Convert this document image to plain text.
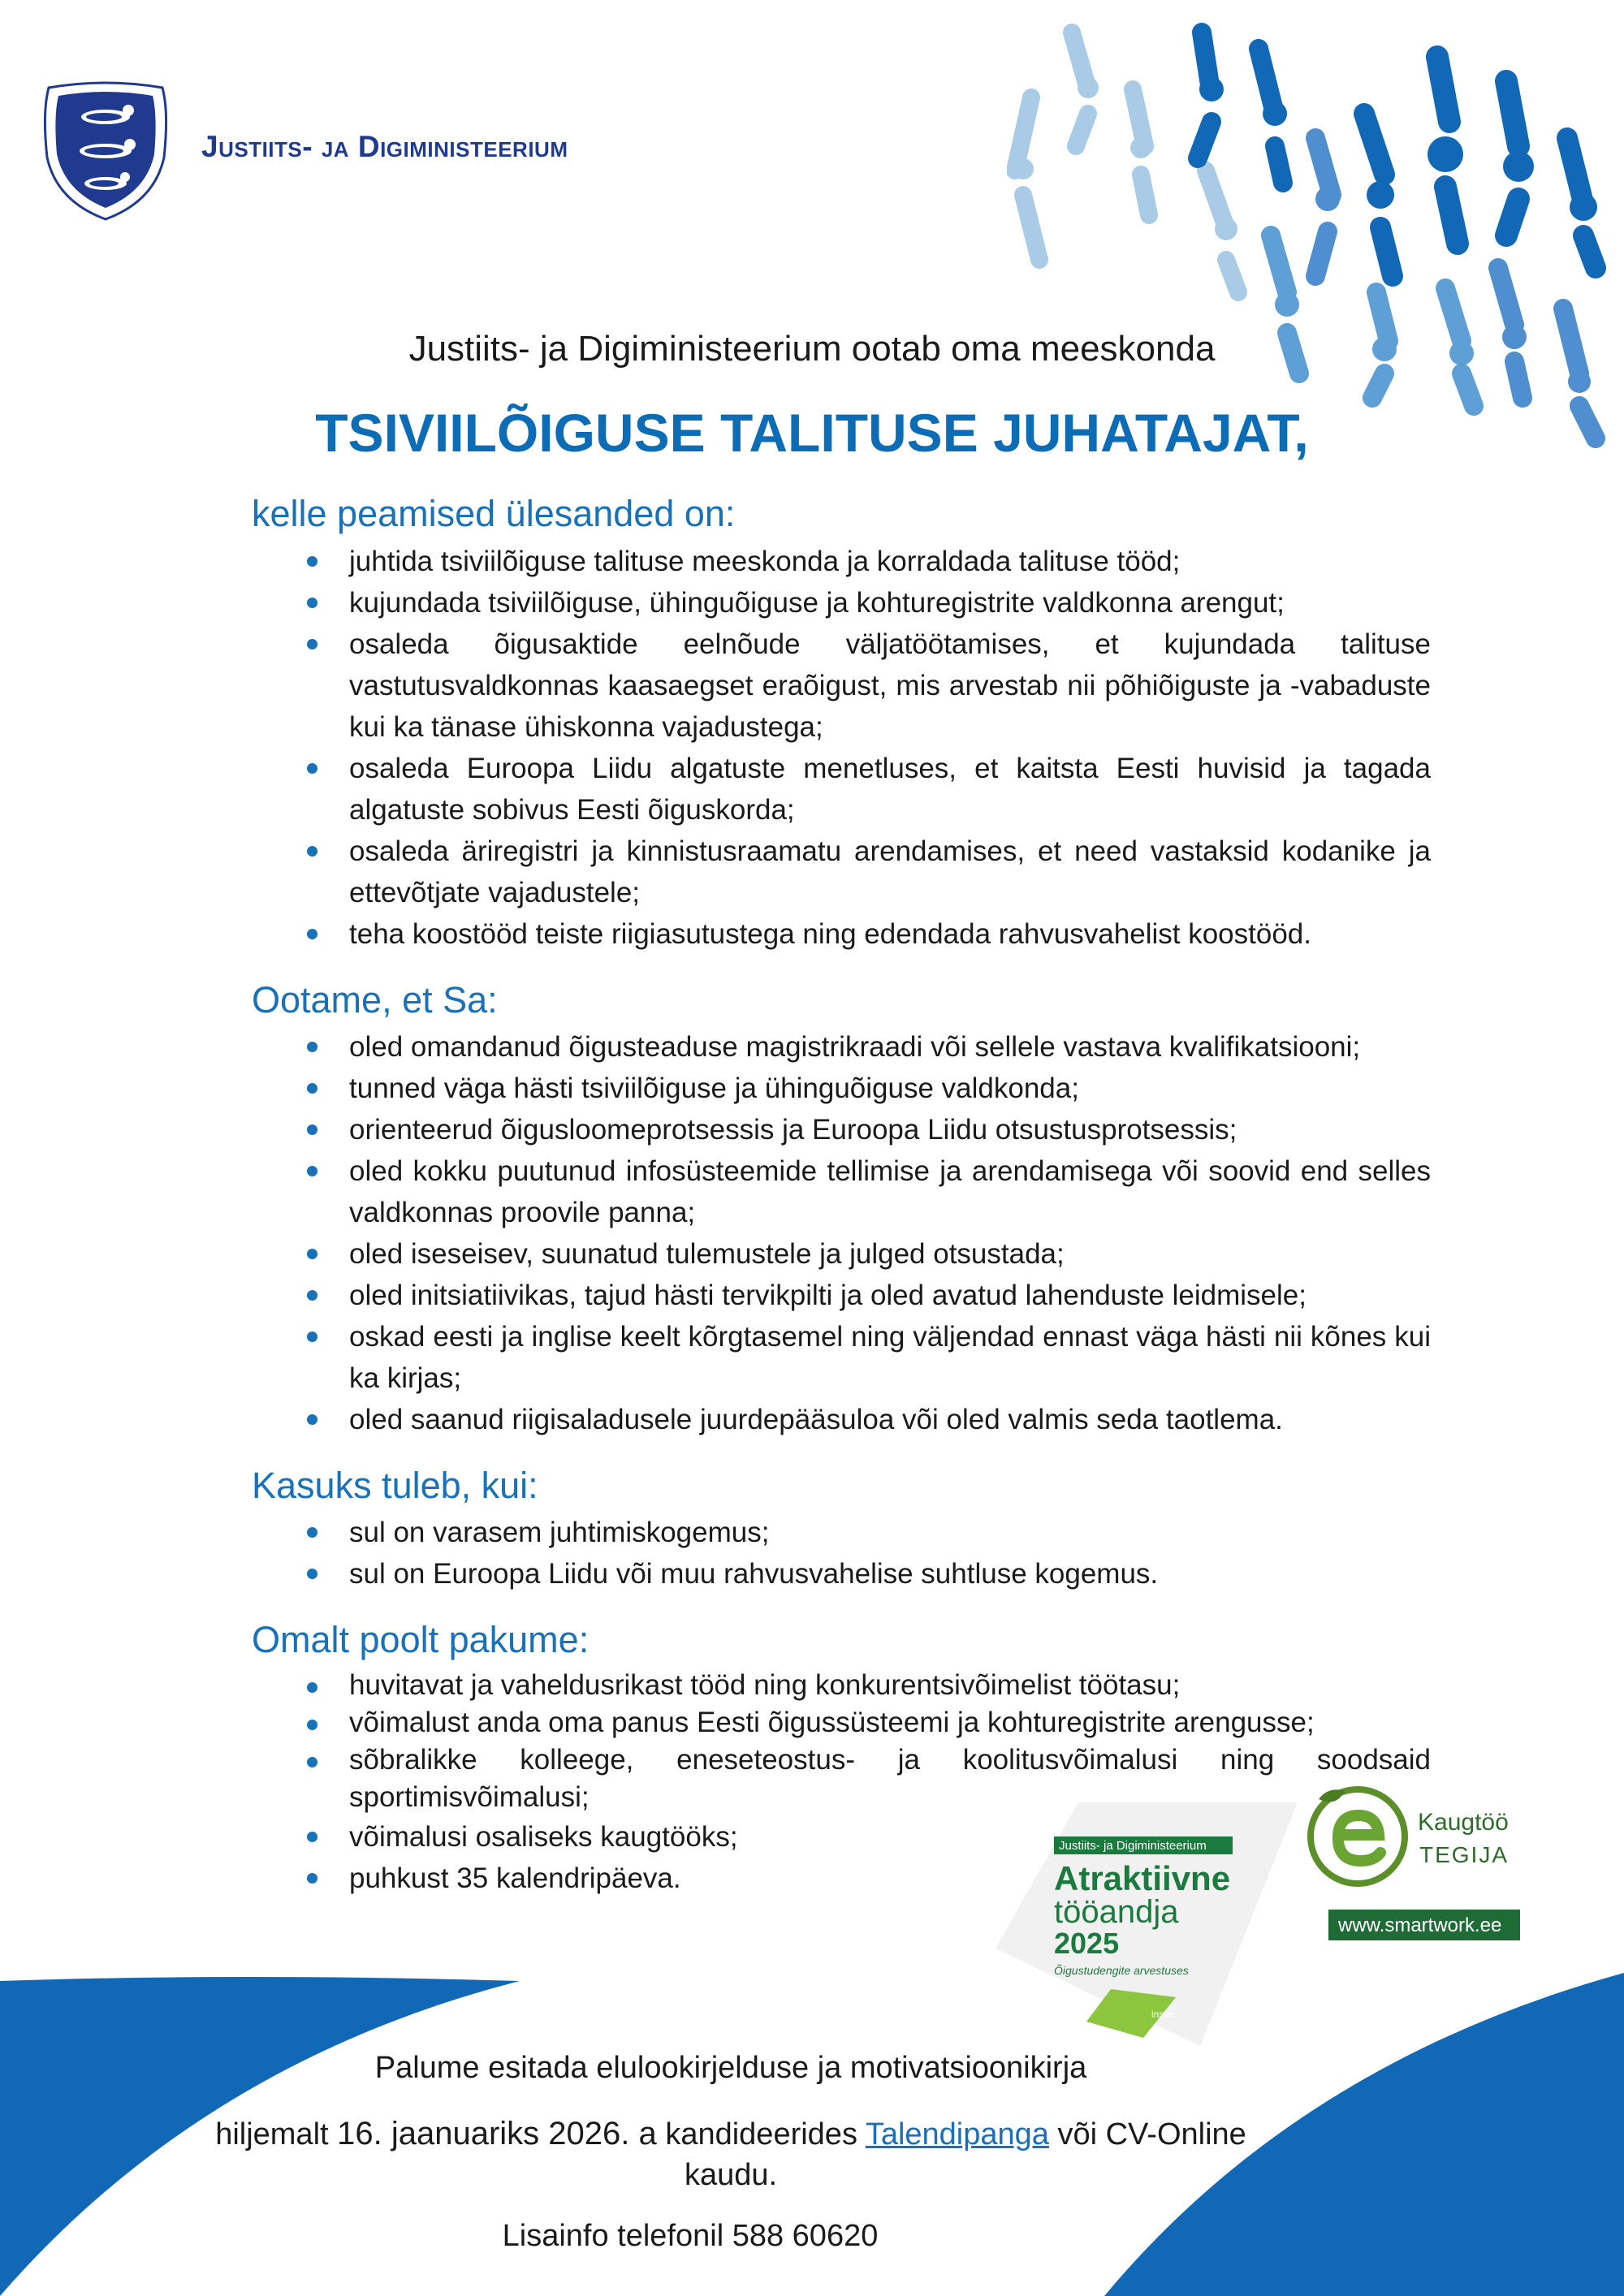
Justiits- ja Digiministeerium
Justiits- ja Digiministeerium ootab oma meeskonda
TSIVIILÕIGUSE TALITUSE JUHATAJAT,
kelle peamised ülesanded on:
juhtida tsiviilõiguse talituse meeskonda ja korraldada talituse tööd;
kujundada tsiviilõiguse, ühinguõiguse ja kohturegistrite valdkonna arengut;
osaleda õigusaktide eelnõude väljatöötamises, et kujundada talituse vastutusvaldkonnas kaasaegset eraõigust, mis arvestab nii põhiõiguste ja -vabaduste kui ka tänase ühiskonna vajadustega;
osaleda Euroopa Liidu algatuste menetluses, et kaitsta Eesti huvisid ja tagada algatuste sobivus Eesti õiguskorda;
osaleda äriregistri ja kinnistusraamatu arendamises, et need vastaksid kodanike ja ettevõtjate vajadustele;
teha koostööd teiste riigiasutustega ning edendada rahvusvahelist koostööd.
Ootame, et Sa:
oled omandanud õigusteaduse magistrikraadi või sellele vastava kvalifikatsiooni;
tunned väga hästi tsiviilõiguse ja ühinguõiguse valdkonda;
orienteerud õigusloomeprotsessis ja Euroopa Liidu otsustusprotsessis;
oled kokku puutunud infosüsteemide tellimise ja arendamisega või soovid end selles valdkonnas proovile panna;
oled iseseisev, suunatud tulemustele ja julged otsustada;
oled initsiatiivikas, tajud hästi tervikpilti ja oled avatud lahenduste leidmisele;
oskad eesti ja inglise keelt kõrgtasemel ning väljendad ennast väga hästi nii kõnes kui ka kirjas;
oled saanud riigisaladusele juurdepääsuloa või oled valmis seda taotlema.
Kasuks tuleb, kui:
sul on varasem juhtimiskogemus;
sul on Euroopa Liidu või muu rahvusvahelise suhtluse kogemus.
Omalt poolt pakume:
huvitavat ja vaheldusrikast tööd ning konkurentsivõimelist töötasu;
võimalust anda oma panus Eesti õigussüsteemi ja kohturegistrite arengusse;
sõbralikke kolleege, eneseteostus- ja koolitusvõimalusi ning soodsaid sportimisvõimalusi;
võimalusi osaliseks kaugtööks;
puhkust 35 kalendripäeva.
instar
Justiits- ja Digiministeerium
Atraktiivne
tööandja
2025
Õigustudengite arvestuses
Kaugtöö
TEGIJA
www.smartwork.ee
Palume esitada elulookirjelduse ja motivatsioonikirja
hiljemalt 16. jaanuariks 2026. a kandideerides Talendipanga või CV-Online
kaudu.
Lisainfo telefonil 588 60620
